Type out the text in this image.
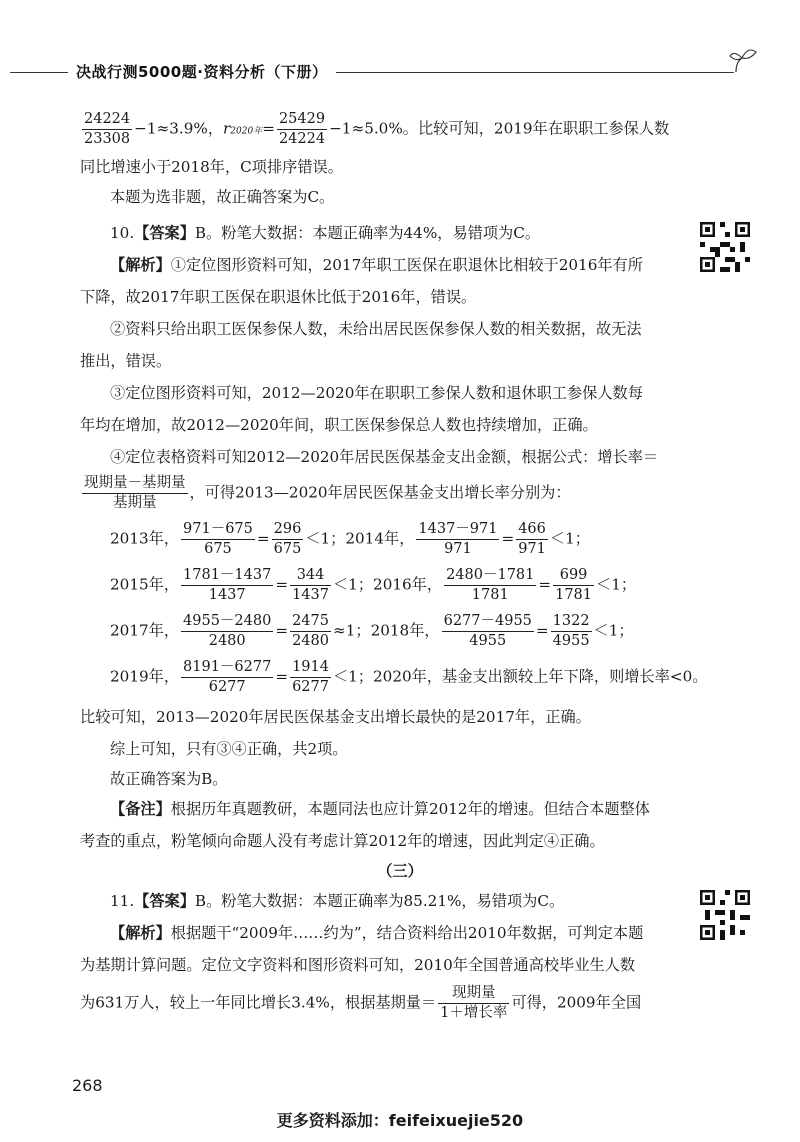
决战行测5000题·资料分析（下册）
$\frac{24224}{23308} -1\approx 3.9\%$，r2020年= $\frac{25429}{24224} -1\approx 5.0\%$。比较可知，2019年在职职工参保人数
同比增速小于2018年，C项排序错误。
本题为选非题，故正确答案为C。
10.【答案】B。粉笔大数据：本题正确率为44%，易错项为C。
【解析】①定位图形资料可知，2017年职工医保在职退休比相较于2016年有所
下降，故2017年职工医保在职退休比低于2016年，错误。
②资料只给出职工医保参保人数，未给出居民医保参保人数的相关数据，故无法
推出，错误。
③定位图形资料可知，2012—2020年在职职工参保人数和退休职工参保人数每
年均在增加，故2012—2020年间，职工医保参保总人数也持续增加，正确。
④定位表格资料可知2012—2020年居民医保基金支出金额，根据公式：增长率＝
$\frac{\text{现期量－基期量}}{\text{基期量}}$ ，可得2013—2020年居民医保基金支出增长率分别为：
2013年， $\frac{971-675}{675} = \frac{296}{675} <1$；2014年， $\frac{1437-971}{971} = \frac{466}{971} <1$；
2015年， $\frac{1781-1437}{1437} = \frac{344}{1437} <1$；2016年， $\frac{2480-1781}{1781} = \frac{699}{1781} <1$；
2017年， $\frac{4955-2480}{2480} = \frac{2475}{2480} \approx 1$；2018年， $\frac{6277-4955}{4955} = \frac{1322}{4955} <1$；
2019年， $\frac{8191-6277}{6277} = \frac{1914}{6277} <1$；2020年，基金支出额较上年下降，则增长率<0。
比较可知，2013—2020年居民医保基金支出增长最快的是2017年，正确。
综上可知，只有③④正确，共2项。
故正确答案为B。
【备注】根据历年真题教研，本题同法也应计算2012年的增速。但结合本题整体
考查的重点，粉笔倾向命题人没有考虑计算2012年的增速，因此判定④正确。
（三）
11.【答案】B。粉笔大数据：本题正确率为85.21%，易错项为C。
【解析】根据题干“2009年……约为”，结合资料给出2010年数据，可判定本题
为基期计算问题。定位文字资料和图形资料可知，2010年全国普通高校毕业生人数
为631万人，较上一年同比增长3.4%，根据基期量＝ $\frac{\text{现期量}}{\text{1＋增长率}}$ 可得，2009年全国
268
更多资料添加：feifeixuejie520
